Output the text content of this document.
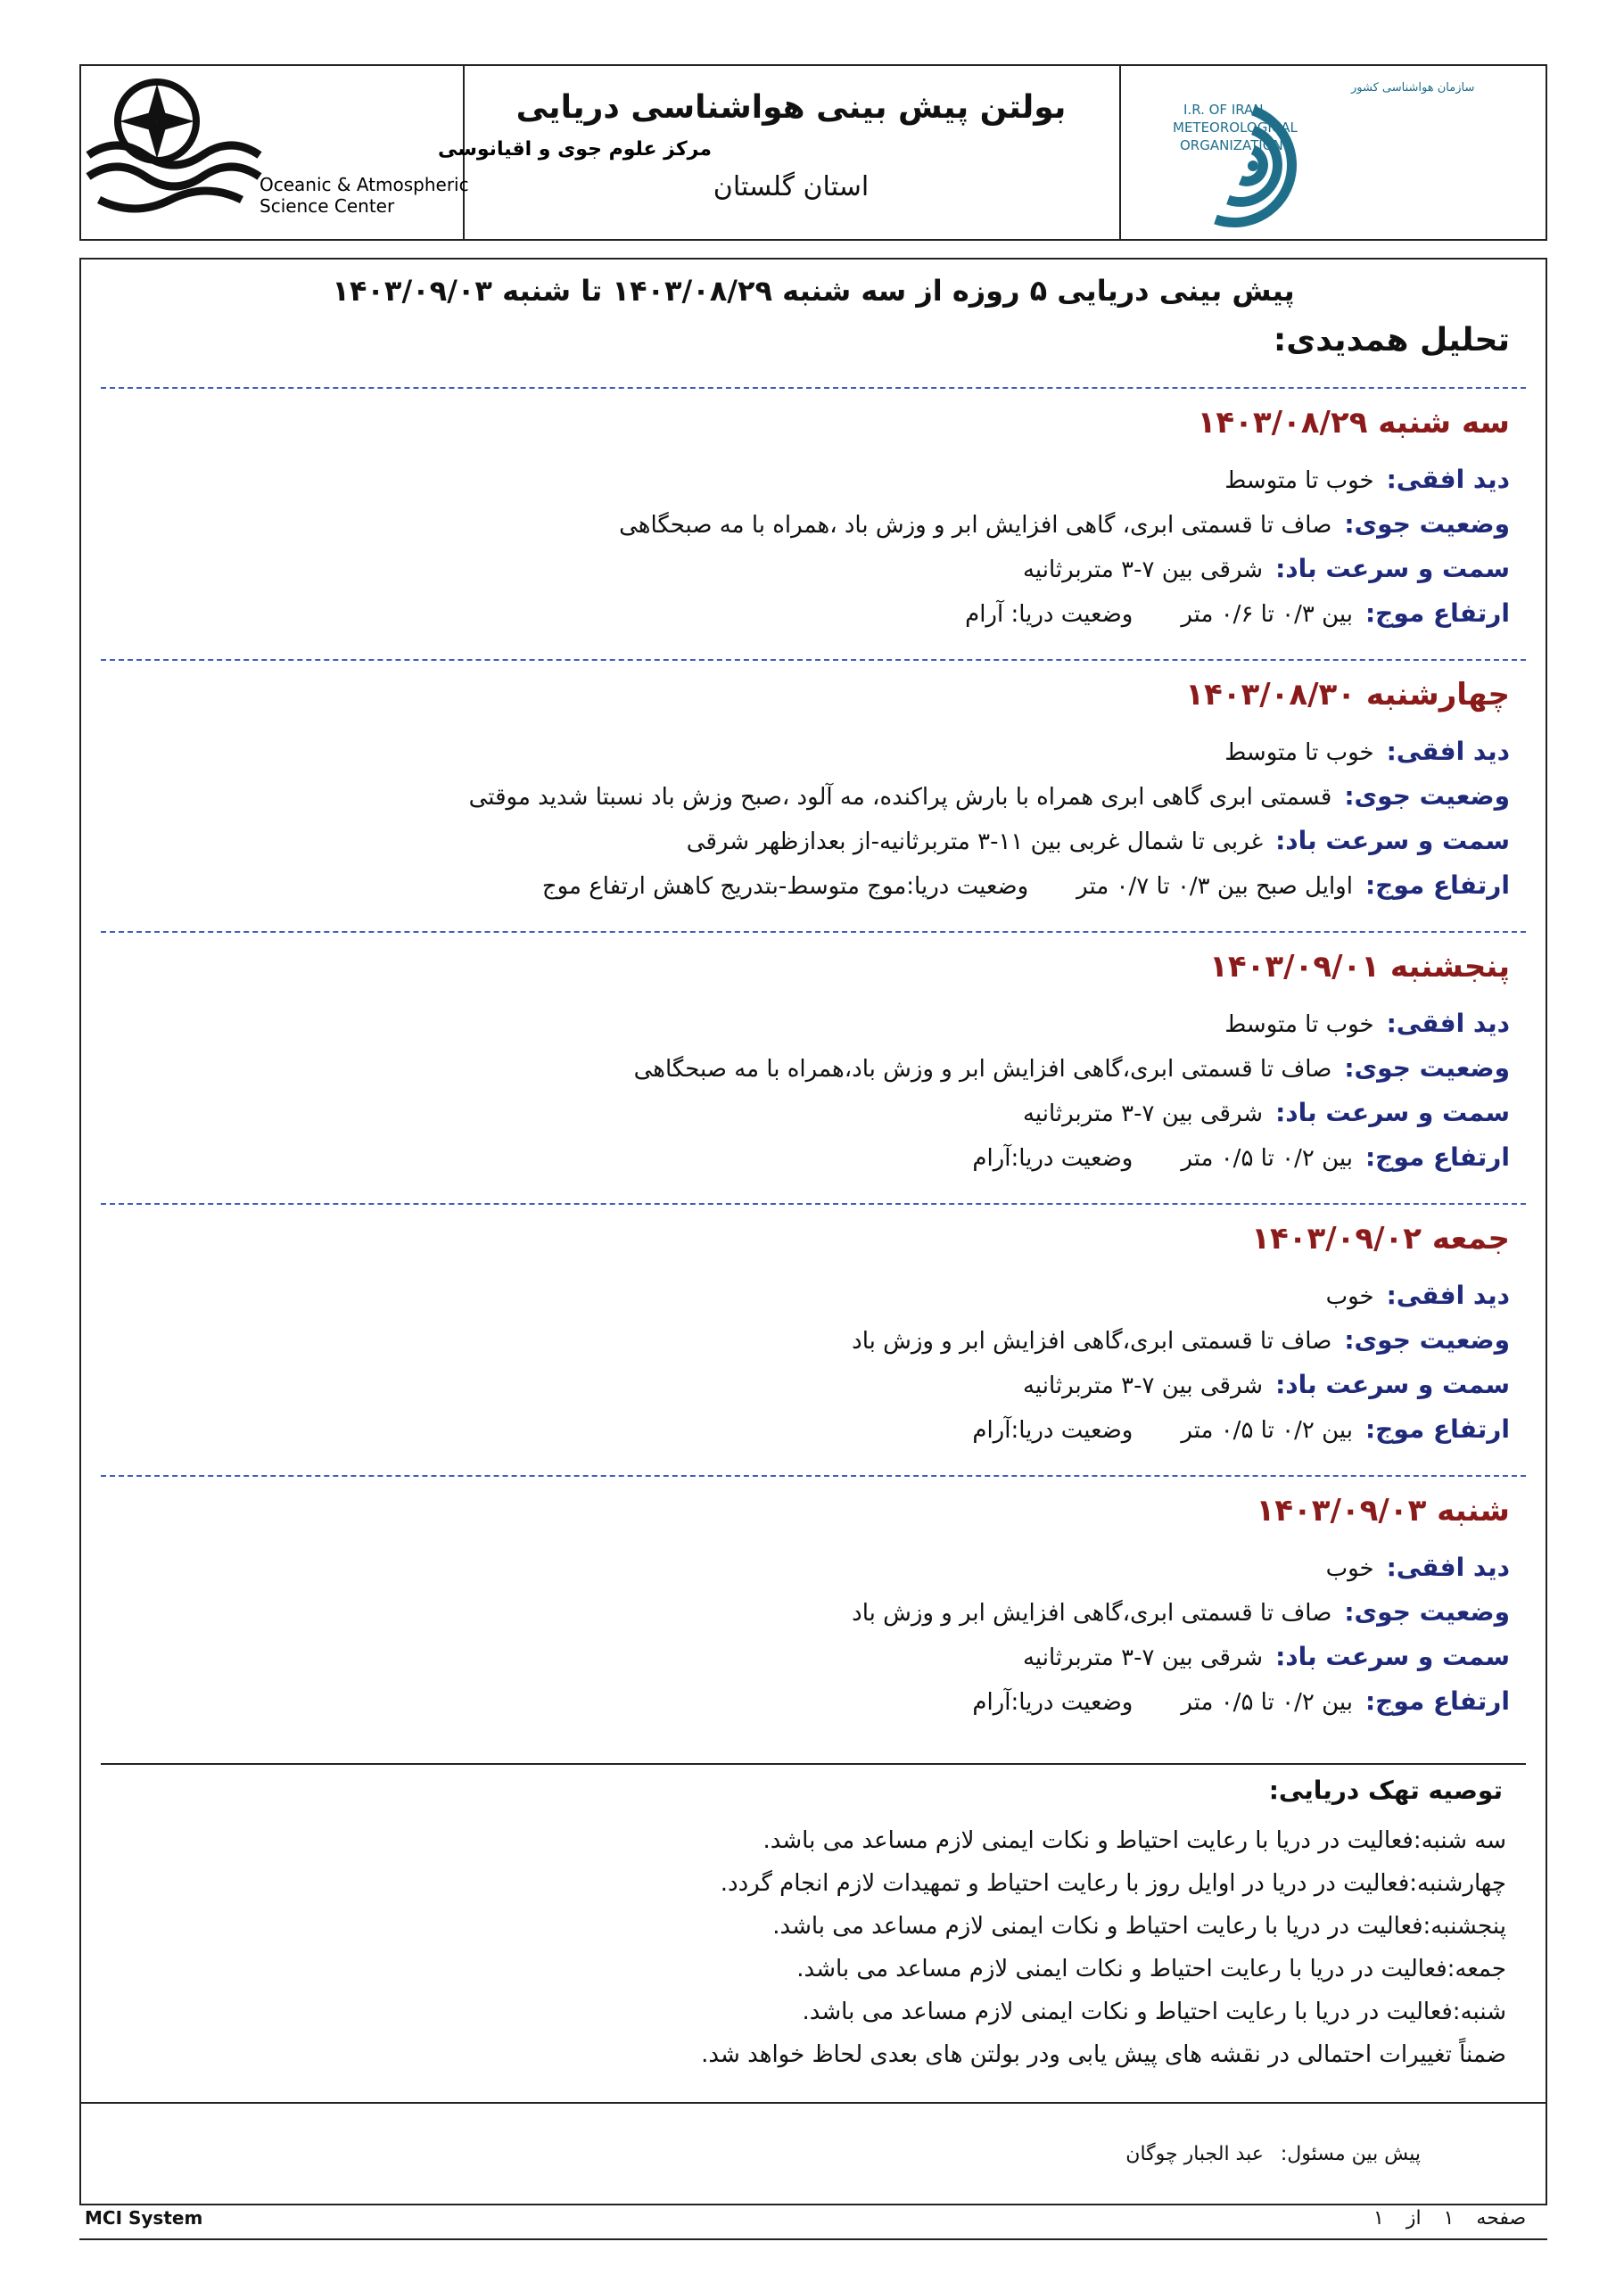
مرکز علوم جوی و اقیانوسی
Oceanic & Atmospheric
Science Center
بولتن پیش بینی هواشناسی دریایی
استان گلستان
سازمان هواشناسی کشور
I.R. OF IRAN
METEOROLOGICAL
ORGANIZATION
پیش بینی دریایی ۵ روزه از سه شنبه ۱۴۰۳/۰۸/۲۹ تا شنبه ۱۴۰۳/۰۹/۰۳
تحلیل همدیدی:
سه شنبه ۱۴۰۳/۰۸/۲۹
دید افقی:خوب تا متوسط
وضعیت جوی:صاف تا قسمتی ابری، گاهی افزایش ابر و وزش باد ،همراه با مه صبحگاهی
سمت و سرعت باد:شرقی بین ۷-۳ متربرثانیه
ارتفاع موج:بین ۰/۳ تا ۰/۶ متروضعیت دریا: آرام
چهارشنبه ۱۴۰۳/۰۸/۳۰
دید افقی:خوب تا متوسط
وضعیت جوی:قسمتی ابری گاهی ابری همراه با بارش پراکنده، مه آلود ،صبح وزش باد نسبتا شدید موقتی
سمت و سرعت باد:غربی تا شمال غربی بین ۱۱-۳ متربرثانیه-از بعدازظهر شرقی
ارتفاع موج:اوایل صبح بین ۰/۳ تا ۰/۷ متروضعیت دریا:موج متوسط-بتدریج کاهش ارتفاع موج
پنجشنبه ۱۴۰۳/۰۹/۰۱
دید افقی:خوب تا متوسط
وضعیت جوی:صاف تا قسمتی ابری،گاهی افزایش ابر و وزش باد،همراه با مه صبحگاهی
سمت و سرعت باد:شرقی بین ۷-۳ متربرثانیه
ارتفاع موج:بین ۰/۲ تا ۰/۵ متروضعیت دریا:آرام
جمعه ۱۴۰۳/۰۹/۰۲
دید افقی:خوب
وضعیت جوی:صاف تا قسمتی ابری،گاهی افزایش ابر و وزش باد
سمت و سرعت باد:شرقی بین ۷-۳ متربرثانیه
ارتفاع موج:بین ۰/۲ تا ۰/۵ متروضعیت دریا:آرام
شنبه ۱۴۰۳/۰۹/۰۳
دید افقی:خوب
وضعیت جوی:صاف تا قسمتی ابری،گاهی افزایش ابر و وزش باد
سمت و سرعت باد:شرقی بین ۷-۳ متربرثانیه
ارتفاع موج:بین ۰/۲ تا ۰/۵ متروضعیت دریا:آرام
توصیه تهک دریایی:
سه شنبه:فعالیت در دریا با رعایت احتیاط و نکات ایمنی لازم مساعد می باشد.
چهارشنبه:فعالیت در دریا در اوایل روز با رعایت احتیاط و تمهیدات لازم انجام گردد.
پنجشنبه:فعالیت در دریا با رعایت احتیاط و نکات ایمنی لازم مساعد می باشد.
جمعه:فعالیت در دریا با رعایت احتیاط و نکات ایمنی لازم مساعد می باشد.
شنبه:فعالیت در دریا با رعایت احتیاط و نکات ایمنی لازم مساعد می باشد.
ضمناً تغییرات احتمالی در نقشه های پیش یابی ودر بولتن های بعدی لحاظ خواهد شد.
پیش بین مسئول: عبد الجبار چوگان
MCI System	صفحه ۱ از ۱
